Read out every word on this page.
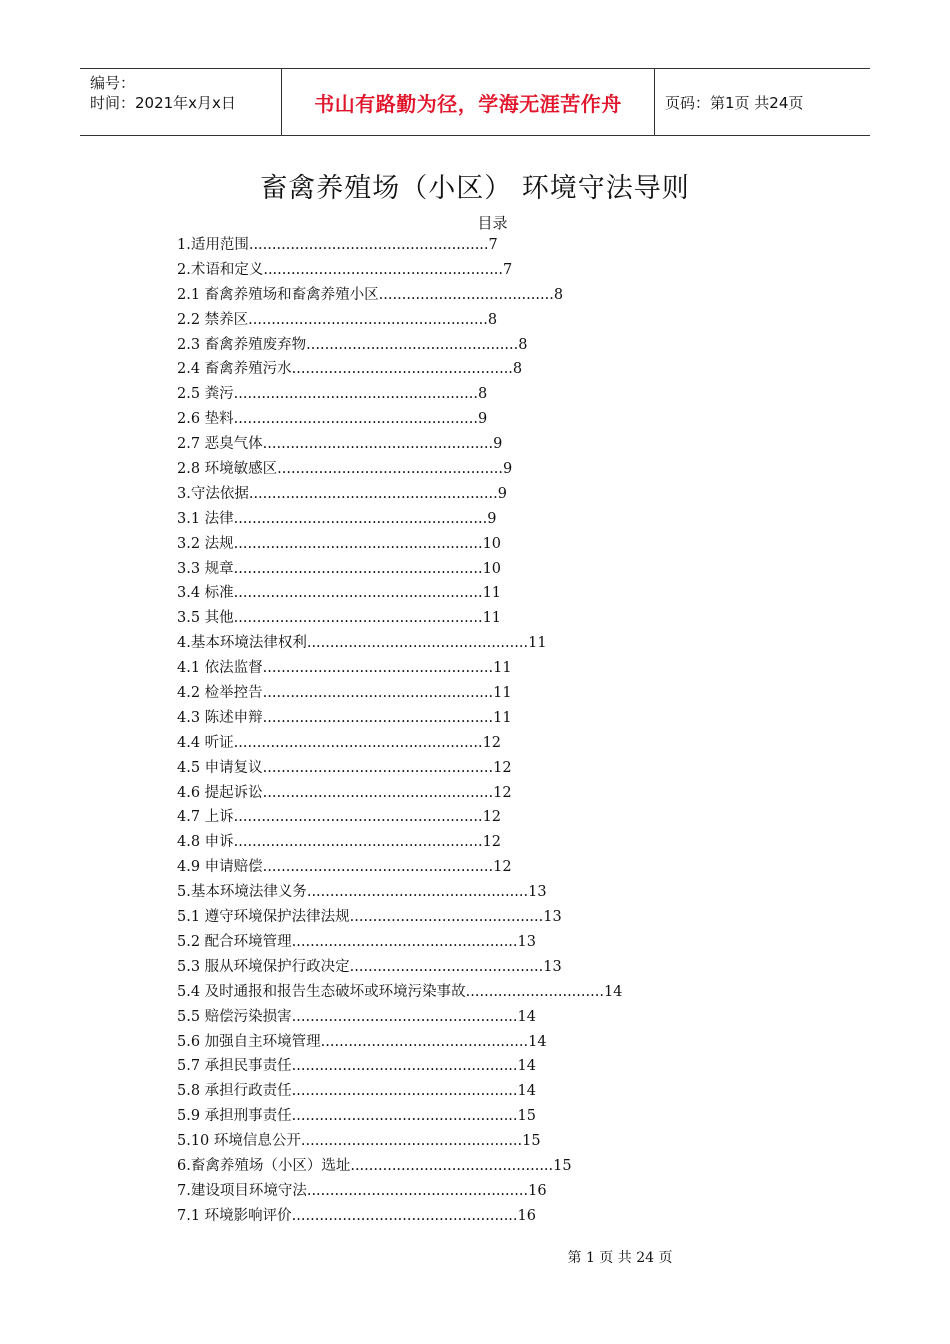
编号：
时间：2021年x月x日	书山有路勤为径，学海无涯苦作舟	页码：第1页 共24页
畜禽养殖场（小区） 环境守法导则
目录
1.适用范围....................................................7
2.术语和定义....................................................7
2.1 畜禽养殖场和畜禽养殖小区......................................8
2.2 禁养区....................................................8
2.3 畜禽养殖废弃物..............................................8
2.4 畜禽养殖污水................................................8
2.5 粪污.....................................................8
2.6 垫料.....................................................9
2.7 恶臭气体..................................................9
2.8 环境敏感区.................................................9
3.守法依据......................................................9
3.1 法律.......................................................9
3.2 法规......................................................10
3.3 规章......................................................10
3.4 标准......................................................11
3.5 其他......................................................11
4.基本环境法律权利................................................11
4.1 依法监督..................................................11
4.2 检举控告..................................................11
4.3 陈述申辩..................................................11
4.4 听证......................................................12
4.5 申请复议..................................................12
4.6 提起诉讼..................................................12
4.7 上诉......................................................12
4.8 申诉......................................................12
4.9 申请赔偿..................................................12
5.基本环境法律义务................................................13
5.1 遵守环境保护法律法规..........................................13
5.2 配合环境管理.................................................13
5.3 服从环境保护行政决定..........................................13
5.4 及时通报和报告生态破坏或环境污染事故..............................14
5.5 赔偿污染损害.................................................14
5.6 加强自主环境管理.............................................14
5.7 承担民事责任.................................................14
5.8 承担行政责任.................................................14
5.9 承担刑事责任.................................................15
5.10 环境信息公开................................................15
6.畜禽养殖场（小区）选址............................................15
7.建设项目环境守法................................................16
7.1 环境影响评价.................................................16
第 1 页 共 24 页
